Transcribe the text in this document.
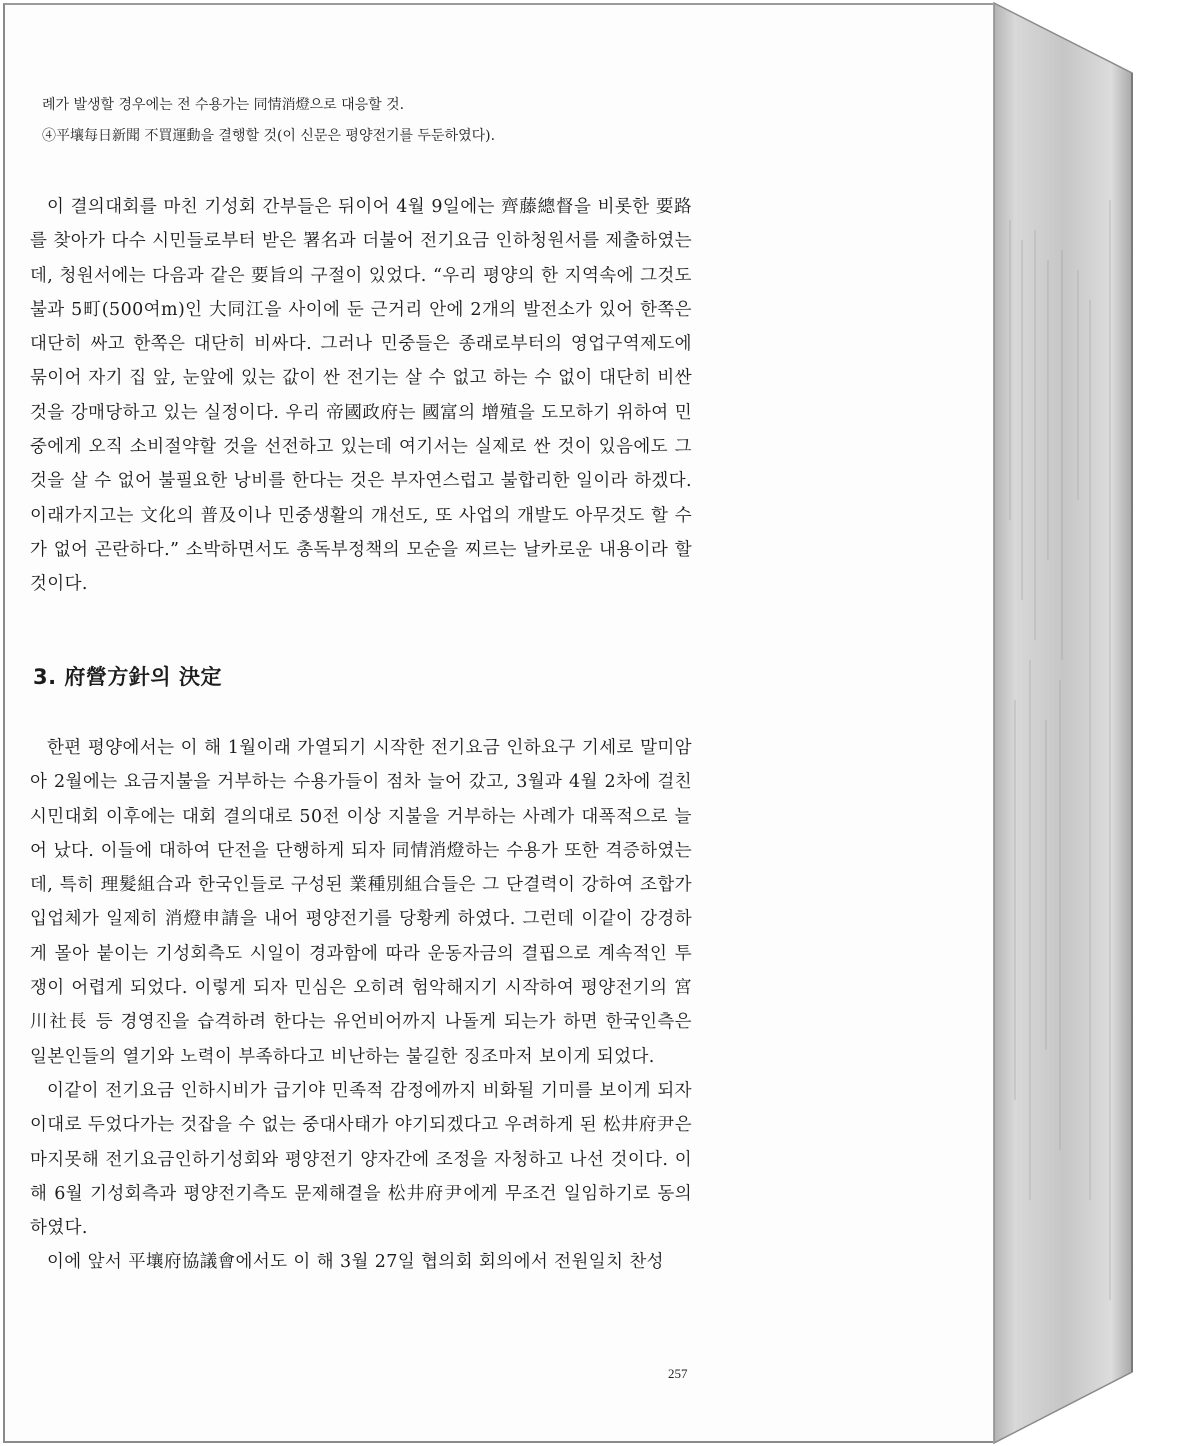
례가 발생할 경우에는 전 수용가는 同情消燈으로 대응할 것.
④平壤每日新聞 不買運動을 결행할 것(이 신문은 평양전기를 두둔하였다).

이 결의대회를 마친 기성회 간부들은 뒤이어 4월 9일에는 齊藤總督을 비롯한 要路를 찾아가 다수 시민들로부터 받은 署名과 더불어 전기요금 인하청원서를 제출하였는데, 청원서에는 다음과 같은 要旨의 구절이 있었다. “우리 평양의 한 지역속에 그것도 불과 5町(500여m)인 大同江을 사이에 둔 근거리 안에 2개의 발전소가 있어 한쪽은 대단히 싸고 한쪽은 대단히 비싸다. 그러나 민중들은 종래로부터의 영업구역제도에 묶이어 자기 집 앞, 눈앞에 있는 값이 싼 전기는 살 수 없고 하는 수 없이 대단히 비싼 것을 강매당하고 있는 실정이다. 우리 帝國政府는 國富의 增殖을 도모하기 위하여 민중에게 오직 소비절약할 것을 선전하고 있는데 여기서는 실제로 싼 것이 있음에도 그것을 살 수 없어 불필요한 낭비를 한다는 것은 부자연스럽고 불합리한 일이라 하겠다. 이래가지고는 文化의 普及이나 민중생활의 개선도, 또 사업의 개발도 아무것도 할 수가 없어 곤란하다.” 소박하면서도 총독부정책의 모순을 찌르는 날카로운 내용이라 할 것이다.

3. 府營方針의 決定

한편 평양에서는 이 해 1월이래 가열되기 시작한 전기요금 인하요구 기세로 말미암아 2월에는 요금지불을 거부하는 수용가들이 점차 늘어 갔고, 3월과 4월 2차에 걸친 시민대회 이후에는 대회 결의대로 50전 이상 지불을 거부하는 사례가 대폭적으로 늘어 났다. 이들에 대하여 단전을 단행하게 되자 同情消燈하는 수용가 또한 격증하였는데, 특히 理髮組合과 한국인들로 구성된 業種別組合들은 그 단결력이 강하여 조합가입업체가 일제히 消燈申請을 내어 평양전기를 당황케 하였다. 그런데 이같이 강경하게 몰아 붙이는 기성회측도 시일이 경과함에 따라 운동자금의 결핍으로 계속적인 투쟁이 어렵게 되었다. 이렇게 되자 민심은 오히려 험악해지기 시작하여 평양전기의 宮川社長 등 경영진을 습격하려 한다는 유언비어까지 나돌게 되는가 하면 한국인측은 일본인들의 열기와 노력이 부족하다고 비난하는 불길한 징조마저 보이게 되었다.

이같이 전기요금 인하시비가 급기야 민족적 감정에까지 비화될 기미를 보이게 되자 이대로 두었다가는 것잡을 수 없는 중대사태가 야기되겠다고 우려하게 된 松井府尹은 마지못해 전기요금인하기성회와 평양전기 양자간에 조정을 자청하고 나선 것이다. 이 해 6월 기성회측과 평양전기측도 문제해결을 松井府尹에게 무조건 일임하기로 동의하였다.

이에 앞서 平壤府協議會에서도 이 해 3월 27일 협의회 회의에서 전원일치 찬성

257
